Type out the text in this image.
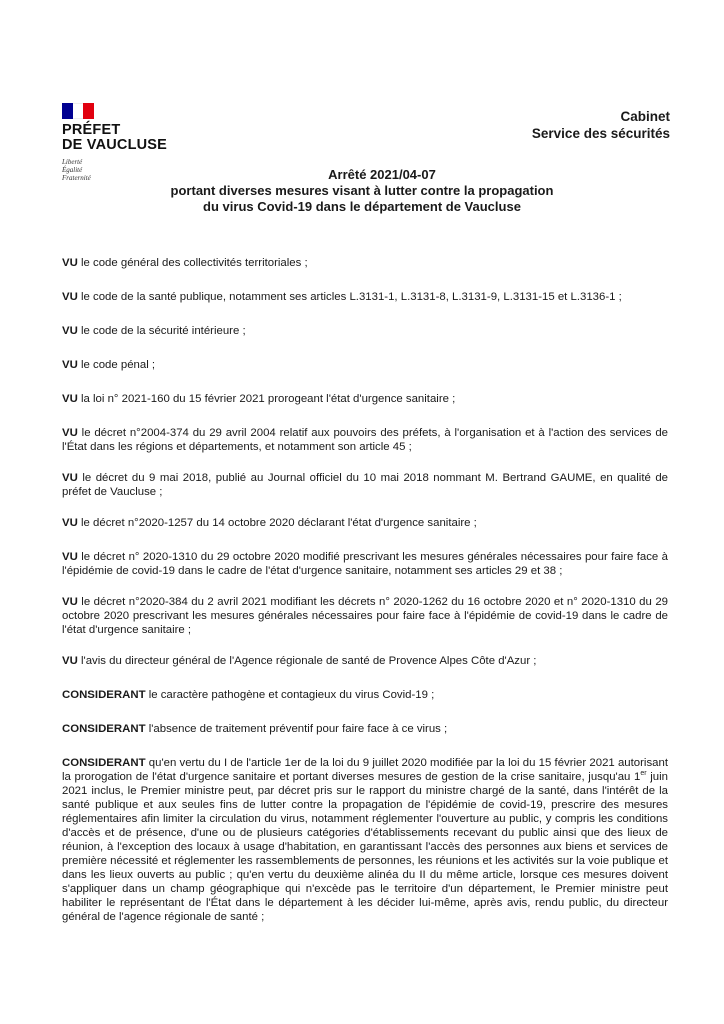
PRÉFET
DE VAUCLUSE
Liberté
Égalité
Fraternité
Cabinet
Service des sécurités
Arrêté 2021/04-07
portant diverses mesures visant à lutter contre la propagation
du virus Covid-19 dans le département de Vaucluse

VU le code général des collectivités territoriales ;

VU le code de la santé publique, notamment ses articles L.3131-1, L.3131-8, L.3131-9, L.3131-15 et L.3136-1 ;

VU le code de la sécurité intérieure ;

VU le code pénal ;

VU la loi n° 2021-160 du 15 février 2021 prorogeant l'état d'urgence sanitaire ;

VU le décret n°2004-374 du 29 avril 2004 relatif aux pouvoirs des préfets, à l'organisation et à l'action des services de l'État dans les régions et départements, et notamment son article 45 ;

VU le décret du 9 mai 2018, publié au Journal officiel du 10 mai 2018 nommant M. Bertrand GAUME, en qualité de préfet de Vaucluse ;

VU le décret n°2020-1257 du 14 octobre 2020 déclarant l'état d'urgence sanitaire ;

VU le décret n° 2020-1310 du 29 octobre 2020 modifié prescrivant les mesures générales nécessaires pour faire face à l'épidémie de covid-19 dans le cadre de l'état d'urgence sanitaire, notamment ses articles 29 et 38 ;

VU le décret n°2020-384 du 2 avril 2021 modifiant les décrets n° 2020-1262 du 16 octobre 2020 et n° 2020-1310 du 29 octobre 2020 prescrivant les mesures générales nécessaires pour faire face à l'épidémie de covid-19 dans le cadre de l'état d'urgence sanitaire ;

VU l'avis du directeur général de l'Agence régionale de santé de Provence Alpes Côte d'Azur ;

CONSIDERANT le caractère pathogène et contagieux du virus Covid-19 ;

CONSIDERANT l'absence de traitement préventif pour faire face à ce virus ;

CONSIDERANT qu'en vertu du I de l'article 1er de la loi du 9 juillet 2020 modifiée par la loi du 15 février 2021 autorisant la prorogation de l'état d'urgence sanitaire et portant diverses mesures de gestion de la crise sanitaire, jusqu'au 1er juin 2021 inclus, le Premier ministre peut, par décret pris sur le rapport du ministre chargé de la santé, dans l'intérêt de la santé publique et aux seules fins de lutter contre la propagation de l'épidémie de covid-19, prescrire des mesures réglementaires afin limiter la circulation du virus, notamment réglementer l'ouverture au public, y compris les conditions d'accès et de présence, d'une ou de plusieurs catégories d'établissements recevant du public ainsi que des lieux de réunion, à l'exception des locaux à usage d'habitation, en garantissant l'accès des personnes aux biens et services de première nécessité et réglementer les rassemblements de personnes, les réunions et les activités sur la voie publique et dans les lieux ouverts au public ; qu'en vertu du deuxième alinéa du II du même article, lorsque ces mesures doivent s'appliquer dans un champ géographique qui n'excède pas le territoire d'un département, le Premier ministre peut habiliter le représentant de l'État dans le département à les décider lui-même, après avis, rendu public, du directeur général de l'agence régionale de santé ;
